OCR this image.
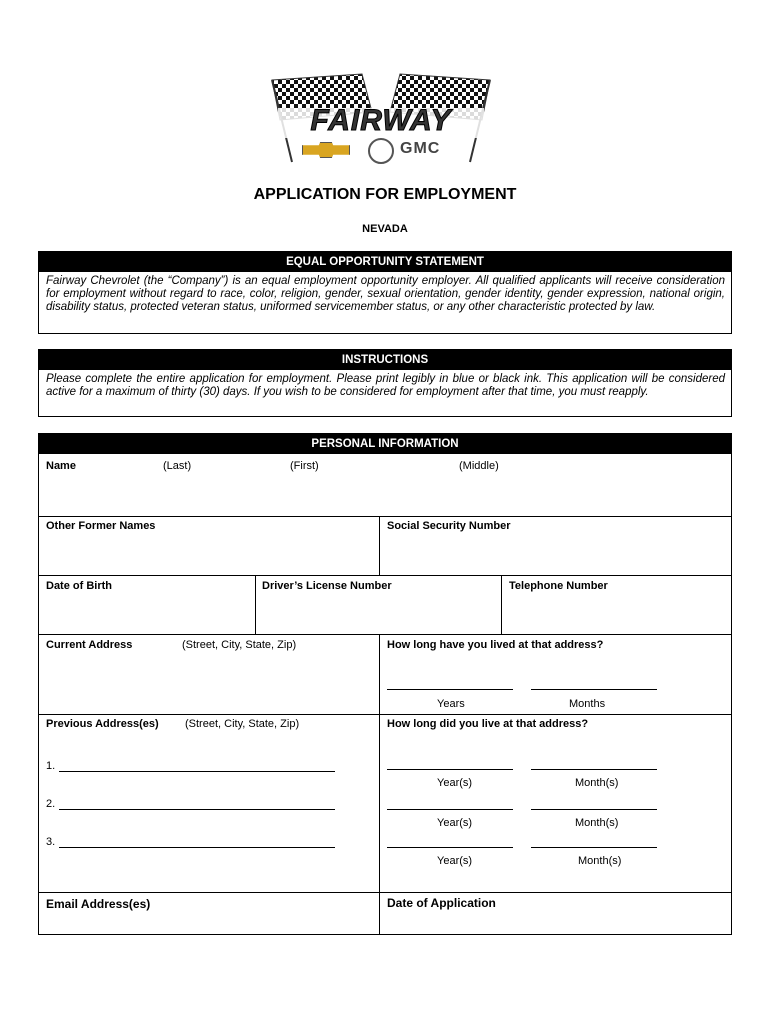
FAIRWAY
GMC
APPLICATION FOR EMPLOYMENT
NEVADA
EQUAL OPPORTUNITY STATEMENT
Fairway Chevrolet (the “Company”) is an equal employment opportunity employer. All qualified applicants will receive consideration for employment without regard to race, color, religion, gender, sexual orientation, gender identity, gender expression, national origin, disability status, protected veteran status, uniformed servicemember status, or any other characteristic protected by law.
INSTRUCTIONS
Please complete the entire application for employment. Please print legibly in blue or black ink. This application will be considered active for a maximum of thirty (30) days. If you wish to be considered for employment after that time, you must reapply.
PERSONAL INFORMATION
Name	(Last)	(First)	(Middle)
Other Former Names	Social Security Number
Date of Birth	Driver’s License Number	Telephone Number
Current Address	(Street, City, State, Zip)	How long have you lived at that address?
Years	Months
Previous Address(es) (Street, City, State, Zip)	How long did you live at that address?
1.
2.
3.
Year(s)	Month(s)
Year(s)	Month(s)
Year(s)	Month(s)
Email Address(es)	Date of Application
